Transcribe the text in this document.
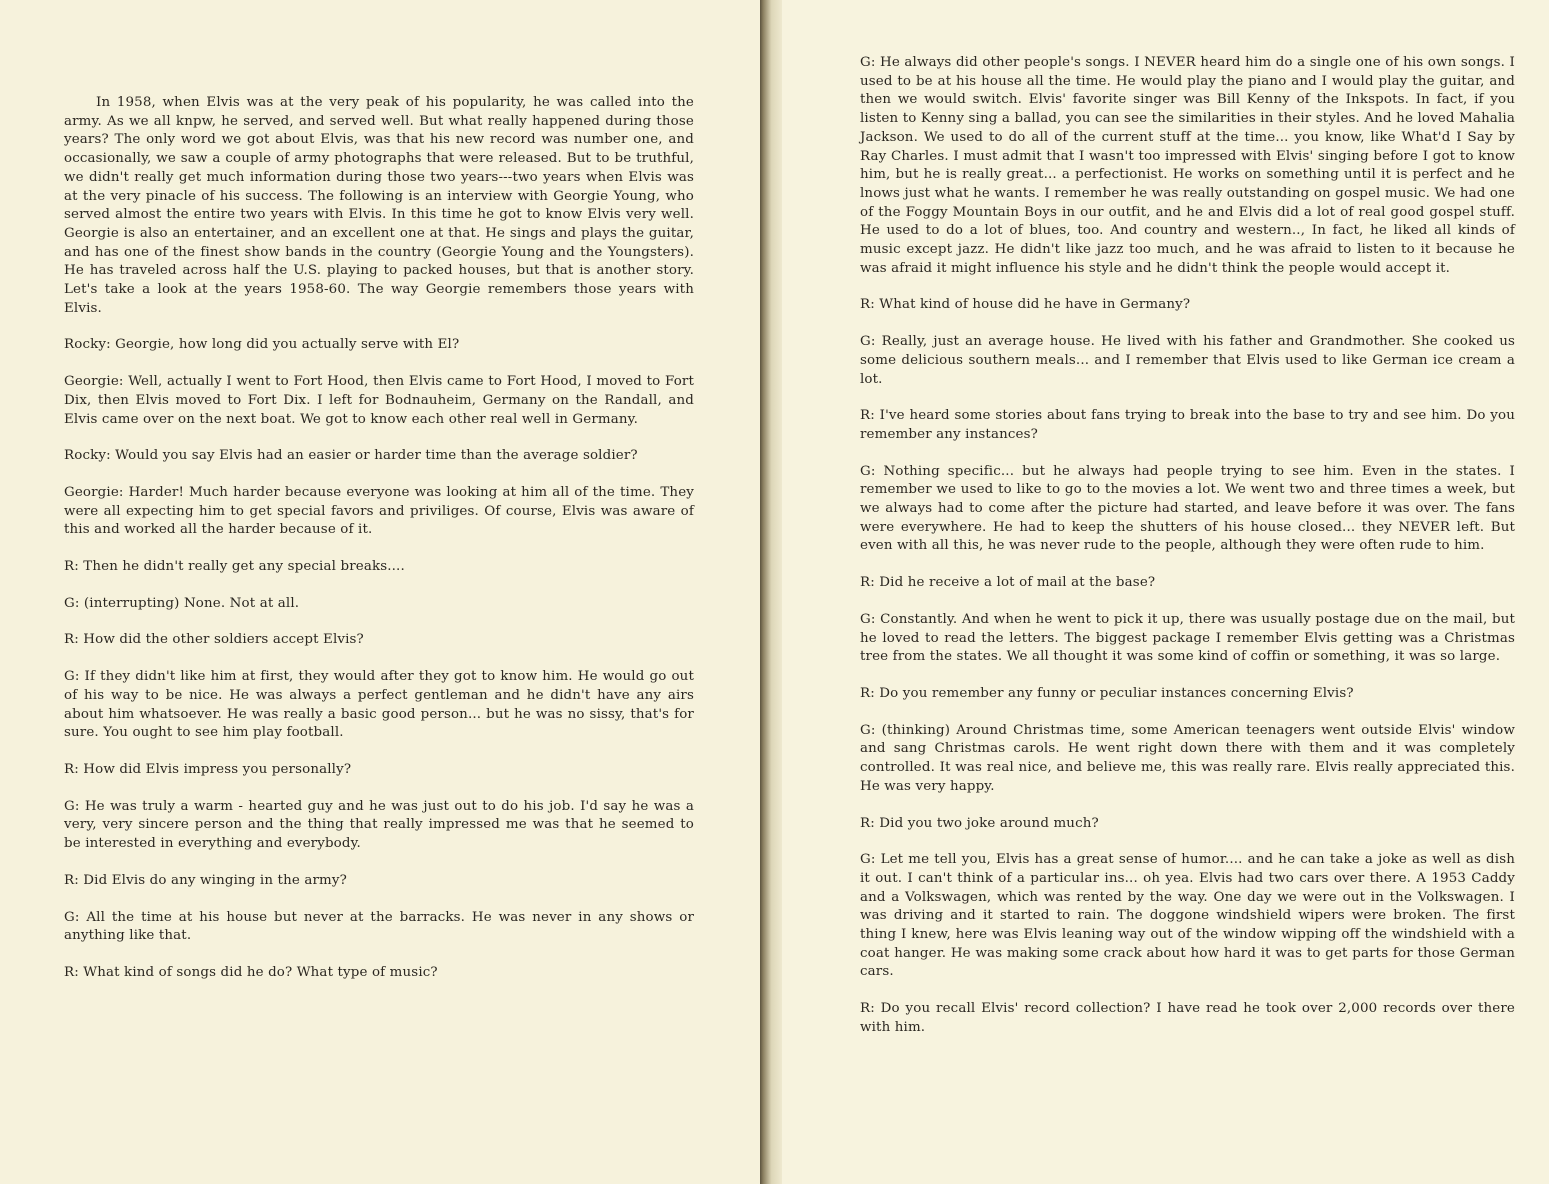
In 1958, when Elvis was at the very peak of his popularity, he was called into the army. As we all knpw, he served, and served well. But what really happened during those years? The only word we got about Elvis, was that his new record was number one, and occasionally, we saw a couple of army photographs that were released. But to be truthful, we didn't really get much information during those two years---two years when Elvis was at the very pinacle of his success. The following is an interview with Georgie Young, who served almost the entire two years with Elvis. In this time he got to know Elvis very well. Georgie is also an entertainer, and an excellent one at that. He sings and plays the guitar, and has one of the finest show bands in the country (Georgie Young and the Youngsters). He has traveled across half the U.S. playing to packed houses, but that is another story. Let's take a look at the years 1958-60. The way Georgie remembers those years with Elvis.

Rocky: Georgie, how long did you actually serve with El?

Georgie: Well, actually I went to Fort Hood, then Elvis came to Fort Hood, I moved to Fort Dix, then Elvis moved to Fort Dix. I left for Bodnauheim, Germany on the Randall, and Elvis came over on the next boat. We got to know each other real well in Germany.

Rocky: Would you say Elvis had an easier or harder time than the average soldier?

Georgie: Harder! Much harder because everyone was looking at him all of the time. They were all expecting him to get special favors and priviliges. Of course, Elvis was aware of this and worked all the harder because of it.

R: Then he didn't really get any special breaks....

G: (interrupting) None. Not at all.

R: How did the other soldiers accept Elvis?

G: If they didn't like him at first, they would after they got to know him. He would go out of his way to be nice. He was always a perfect gentleman and he didn't have any airs about him whatsoever. He was really a basic good person... but he was no sissy, that's for sure. You ought to see him play football.

R: How did Elvis impress you personally?

G: He was truly a warm - hearted guy and he was just out to do his job. I'd say he was a very, very sincere person and the thing that really impressed me was that he seemed to be interested in everything and everybody.

R: Did Elvis do any winging in the army?

G: All the time at his house but never at the barracks. He was never in any shows or anything like that.

R: What kind of songs did he do? What type of music?

G: He always did other people's songs. I NEVER heard him do a single one of his own songs. I used to be at his house all the time. He would play the piano and I would play the guitar, and then we would switch. Elvis' favorite singer was Bill Kenny of the Inkspots. In fact, if you listen to Kenny sing a ballad, you can see the similarities in their styles. And he loved Mahalia Jackson. We used to do all of the current stuff at the time... you know, like What'd I Say by Ray Charles. I must admit that I wasn't too impressed with Elvis' singing before I got to know him, but he is really great... a perfectionist. He works on something until it is perfect and he lnows just what he wants. I remember he was really outstanding on gospel music. We had one of the Foggy Mountain Boys in our outfit, and he and Elvis did a lot of real good gospel stuff. He used to do a lot of blues, too. And country and western.., In fact, he liked all kinds of music except jazz. He didn't like jazz too much, and he was afraid to listen to it because he was afraid it might influence his style and he didn't think the people would accept it.

R: What kind of house did he have in Germany?

G: Really, just an average house. He lived with his father and Grandmother. She cooked us some delicious southern meals... and I remember that Elvis used to like German ice cream a lot.

R: I've heard some stories about fans trying to break into the base to try and see him. Do you remember any instances?

G: Nothing specific... but he always had people trying to see him. Even in the states. I remember we used to like to go to the movies a lot. We went two and three times a week, but we always had to come after the picture had started, and leave before it was over. The fans were everywhere. He had to keep the shutters of his house closed... they NEVER left. But even with all this, he was never rude to the people, although they were often rude to him.

R: Did he receive a lot of mail at the base?

G: Constantly. And when he went to pick it up, there was usually postage due on the mail, but he loved to read the letters. The biggest package I remember Elvis getting was a Christmas tree from the states. We all thought it was some kind of coffin or something, it was so large.

R: Do you remember any funny or peculiar instances concerning Elvis?

G: (thinking) Around Christmas time, some American teenagers went outside Elvis' window and sang Christmas carols. He went right down there with them and it was completely controlled. It was real nice, and believe me, this was really rare. Elvis really appreciated this. He was very happy.

R: Did you two joke around much?

G: Let me tell you, Elvis has a great sense of humor.... and he can take a joke as well as dish it out. I can't think of a particular ins... oh yea. Elvis had two cars over there. A 1953 Caddy and a Volkswagen, which was rented by the way. One day we were out in the Volkswagen. I was driving and it started to rain. The doggone windshield wipers were broken. The first thing I knew, here was Elvis leaning way out of the window wipping off the windshield with a coat hanger. He was making some crack about how hard it was to get parts for those German cars.

R: Do you recall Elvis' record collection? I have read he took over 2,000 records over there with him.
